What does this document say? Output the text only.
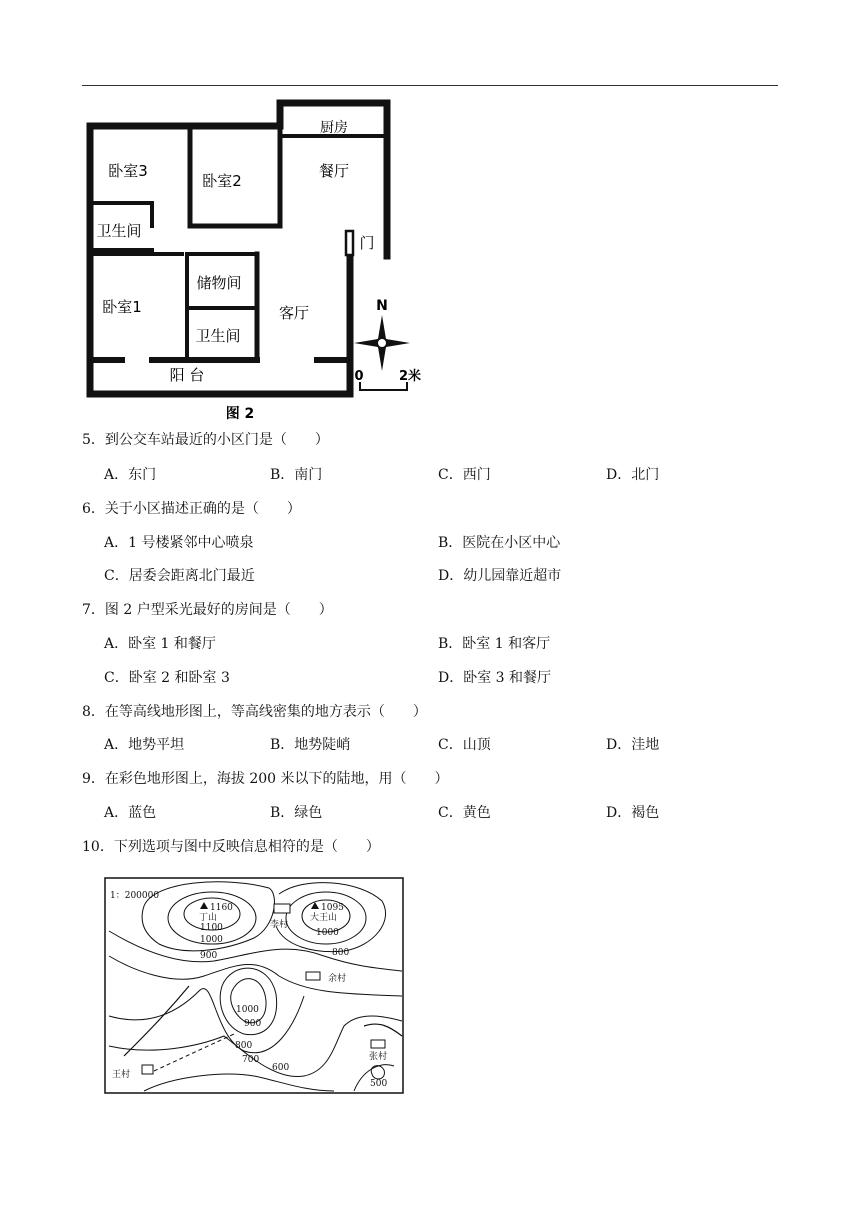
厨房
餐厅
卧室3
卧室2
卫生间
门
储物间
卧室1	客厅
卫生间
阳 台
N
0	2米
图 2
5．到公交车站最近的小区门是（　　）
A．东门	B．南门	C．西门	D．北门
6．关于小区描述正确的是（　　）
A．1 号楼紧邻中心喷泉	B．医院在小区中心
C．居委会距离北门最近	D．幼儿园靠近超市
7．图 2 户型采光最好的房间是（　　）
A．卧室 1 和餐厅	B．卧室 1 和客厅
C．卧室 2 和卧室 3	D．卧室 3 和餐厅
8．在等高线地形图上，等高线密集的地方表示（　　）
A．地势平坦	B．地势陡峭	C．山顶	D．洼地
9．在彩色地形图上，海拔 200 米以下的陆地，用（　　）
A．蓝色	B．绿色	C．黄色	D．褐色
10．下列选项与图中反映信息相符的是（　　）
1：200000
1160
丁山
1095
大王山
1100
1000
900
1000
800
1000
900
800
700
600
500
李村
余村
张村
王村
